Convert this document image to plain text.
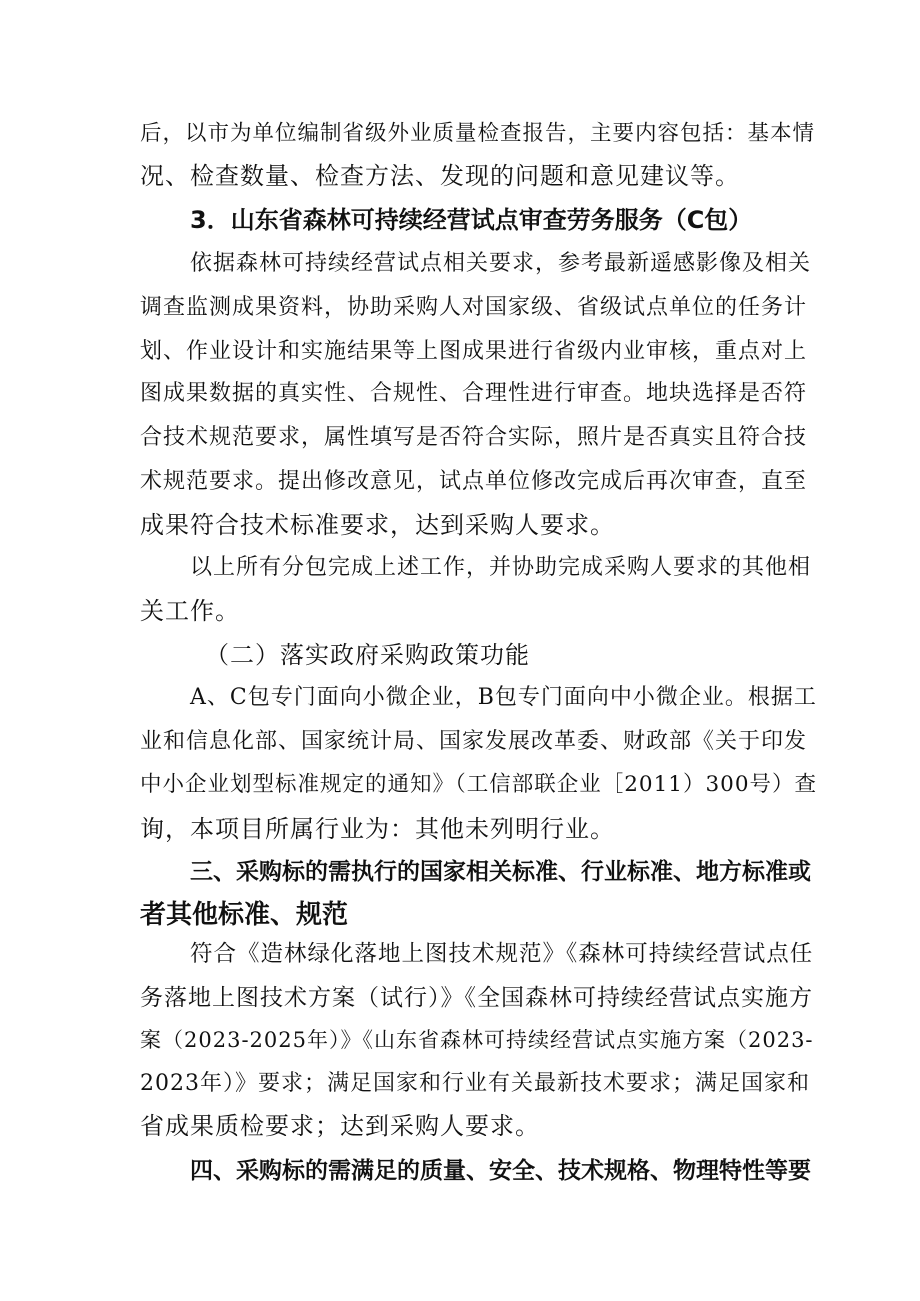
后，以市为单位编制省级外业质量检查报告，主要内容包括：基本情
况、检查数量、检查方法、发现的问题和意见建议等。
3．山东省森林可持续经营试点审查劳务服务（C包）
依据森林可持续经营试点相关要求，参考最新遥感影像及相关
调查监测成果资料，协助采购人对国家级、省级试点单位的任务计
划、作业设计和实施结果等上图成果进行省级内业审核，重点对上
图成果数据的真实性、合规性、合理性进行审查。地块选择是否符
合技术规范要求，属性填写是否符合实际，照片是否真实且符合技
术规范要求。提出修改意见，试点单位修改完成后再次审查，直至
成果符合技术标准要求，达到采购人要求。
以上所有分包完成上述工作，并协助完成采购人要求的其他相
关工作。
（二）落实政府采购政策功能
A、C包专门面向小微企业，B包专门面向中小微企业。根据工
业和信息化部、国家统计局、国家发展改革委、财政部《关于印发
中小企业划型标准规定的通知》（工信部联企业［2011）300号）查
询，本项目所属行业为：其他未列明行业。
三、采购标的需执行的国家相关标准、行业标准、地方标准或
者其他标准、规范
符合《造林绿化落地上图技术规范》《森林可持续经营试点任
务落地上图技术方案（试行）》《全国森林可持续经营试点实施方
案（2023-2025年）》《山东省森林可持续经营试点实施方案（2023-
2023年）》要求；满足国家和行业有关最新技术要求；满足国家和
省成果质检要求；达到采购人要求。
四、采购标的需满足的质量、安全、技术规格、物理特性等要
